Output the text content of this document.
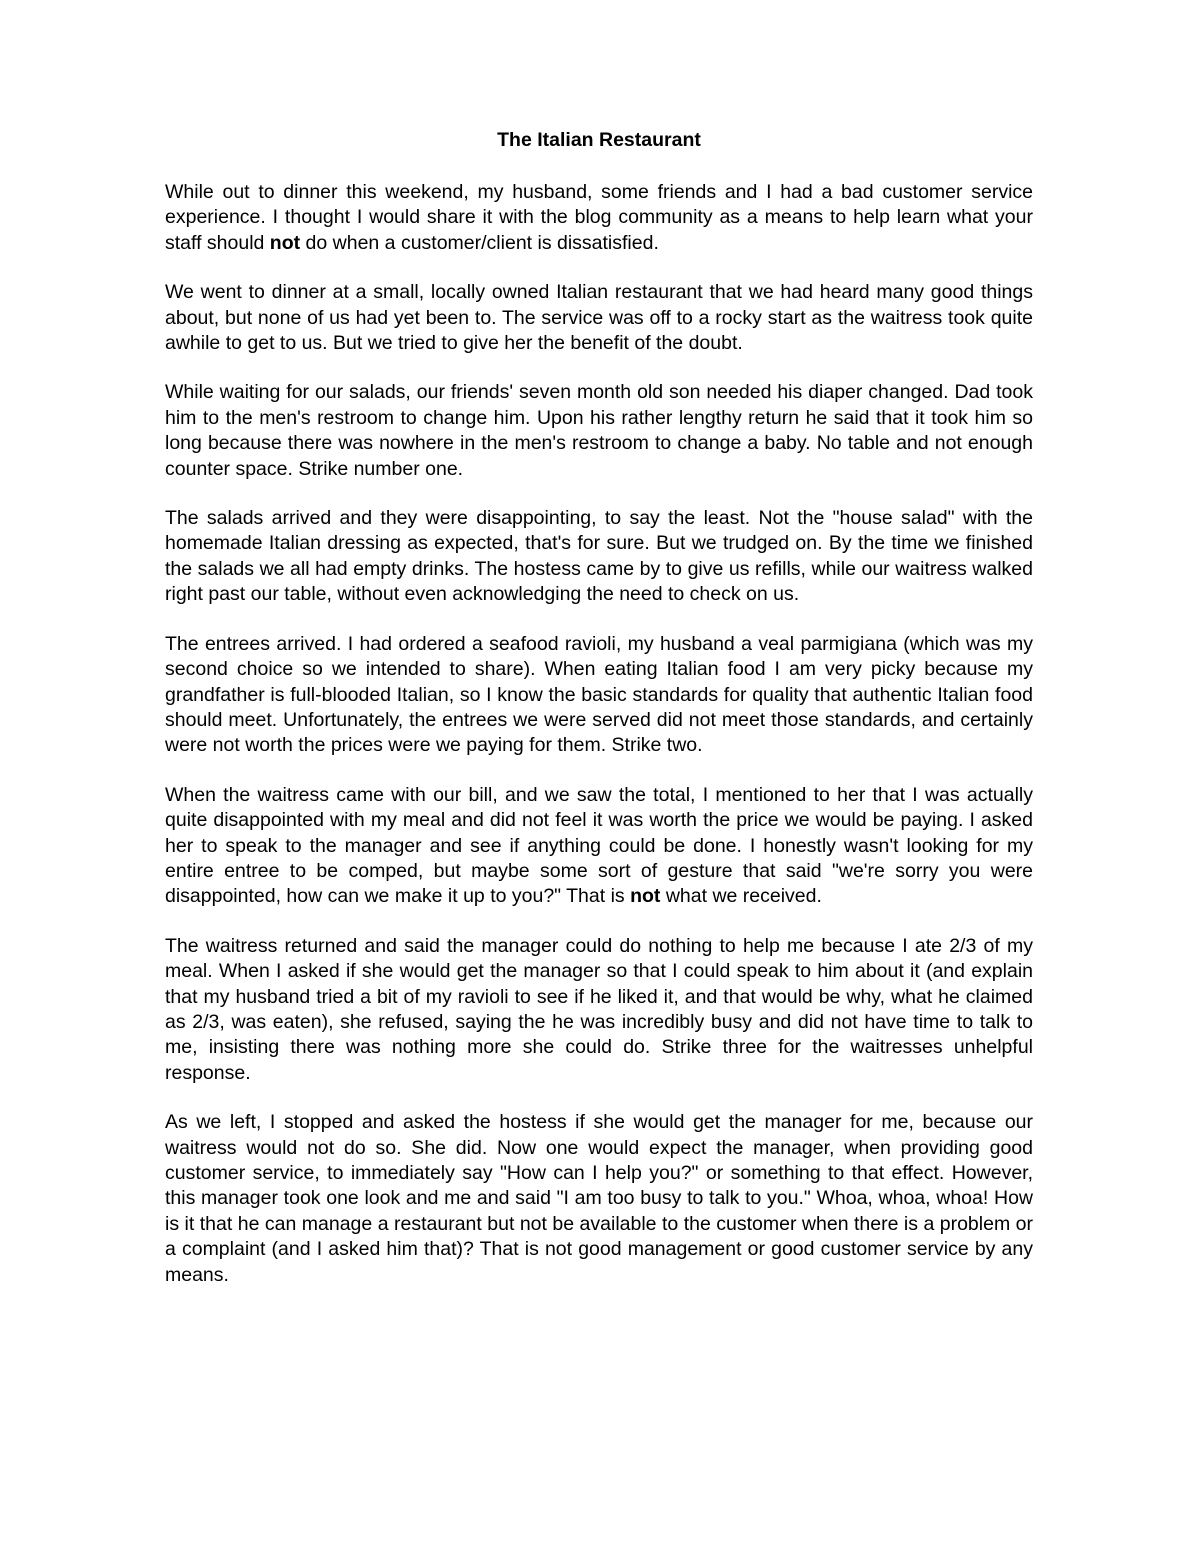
The Italian Restaurant

While out to dinner this weekend, my husband, some friends and I had a bad customer service experience. I thought I would share it with the blog community as a means to help learn what your staff should not do when a customer/client is dissatisfied.

We went to dinner at a small, locally owned Italian restaurant that we had heard many good things about, but none of us had yet been to. The service was off to a rocky start as the waitress took quite awhile to get to us. But we tried to give her the benefit of the doubt.

While waiting for our salads, our friends' seven month old son needed his diaper changed. Dad took him to the men's restroom to change him. Upon his rather lengthy return he said that it took him so long because there was nowhere in the men's restroom to change a baby. No table and not enough counter space. Strike number one.

The salads arrived and they were disappointing, to say the least. Not the "house salad" with the homemade Italian dressing as expected, that's for sure. But we trudged on. By the time we finished the salads we all had empty drinks. The hostess came by to give us refills, while our waitress walked right past our table, without even acknowledging the need to check on us.

The entrees arrived. I had ordered a seafood ravioli, my husband a veal parmigiana (which was my second choice so we intended to share). When eating Italian food I am very picky because my grandfather is full-blooded Italian, so I know the basic standards for quality that authentic Italian food should meet. Unfortunately, the entrees we were served did not meet those standards, and certainly were not worth the prices were we paying for them. Strike two.

When the waitress came with our bill, and we saw the total, I mentioned to her that I was actually quite disappointed with my meal and did not feel it was worth the price we would be paying. I asked her to speak to the manager and see if anything could be done. I honestly wasn't looking for my entire entree to be comped, but maybe some sort of gesture that said "we're sorry you were disappointed, how can we make it up to you?" That is not what we received.

The waitress returned and said the manager could do nothing to help me because I ate 2/3 of my meal. When I asked if she would get the manager so that I could speak to him about it (and explain that my husband tried a bit of my ravioli to see if he liked it, and that would be why, what he claimed as 2/3, was eaten), she refused, saying the he was incredibly busy and did not have time to talk to me, insisting there was nothing more she could do. Strike three for the waitresses unhelpful response.

As we left, I stopped and asked the hostess if she would get the manager for me, because our waitress would not do so. She did. Now one would expect the manager, when providing good customer service, to immediately say "How can I help you?" or something to that effect. However, this manager took one look and me and said "I am too busy to talk to you." Whoa, whoa, whoa! How is it that he can manage a restaurant but not be available to the customer when there is a problem or a complaint (and I asked him that)? That is not good management or good customer service by any means.
